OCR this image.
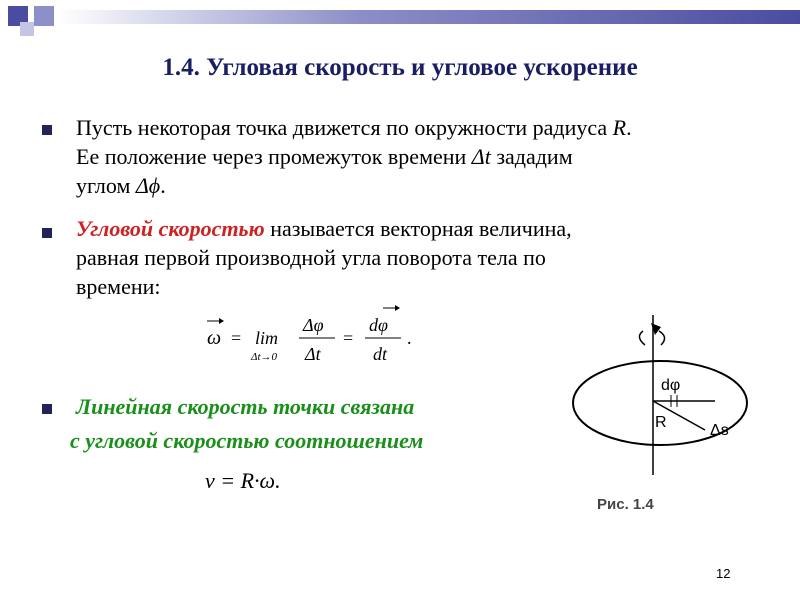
1.4. Угловая скорость и угловое ускорение
Пусть некоторая точка движется по окружности радиуса R.
Ее положение через промежуток времени Δt зададим
углом Δϕ.
Угловой скоростью называется векторная величина,
равная первой производной угла поворота тела по
времени:
ω = lim
Δt→0
Δφ
Δt
=
dφ
dt
.
Линейная скорость точки связана
с угловой скоростью соотношением
v = R·ω.
dφ
R	Δs
Рис. 1.4
12
